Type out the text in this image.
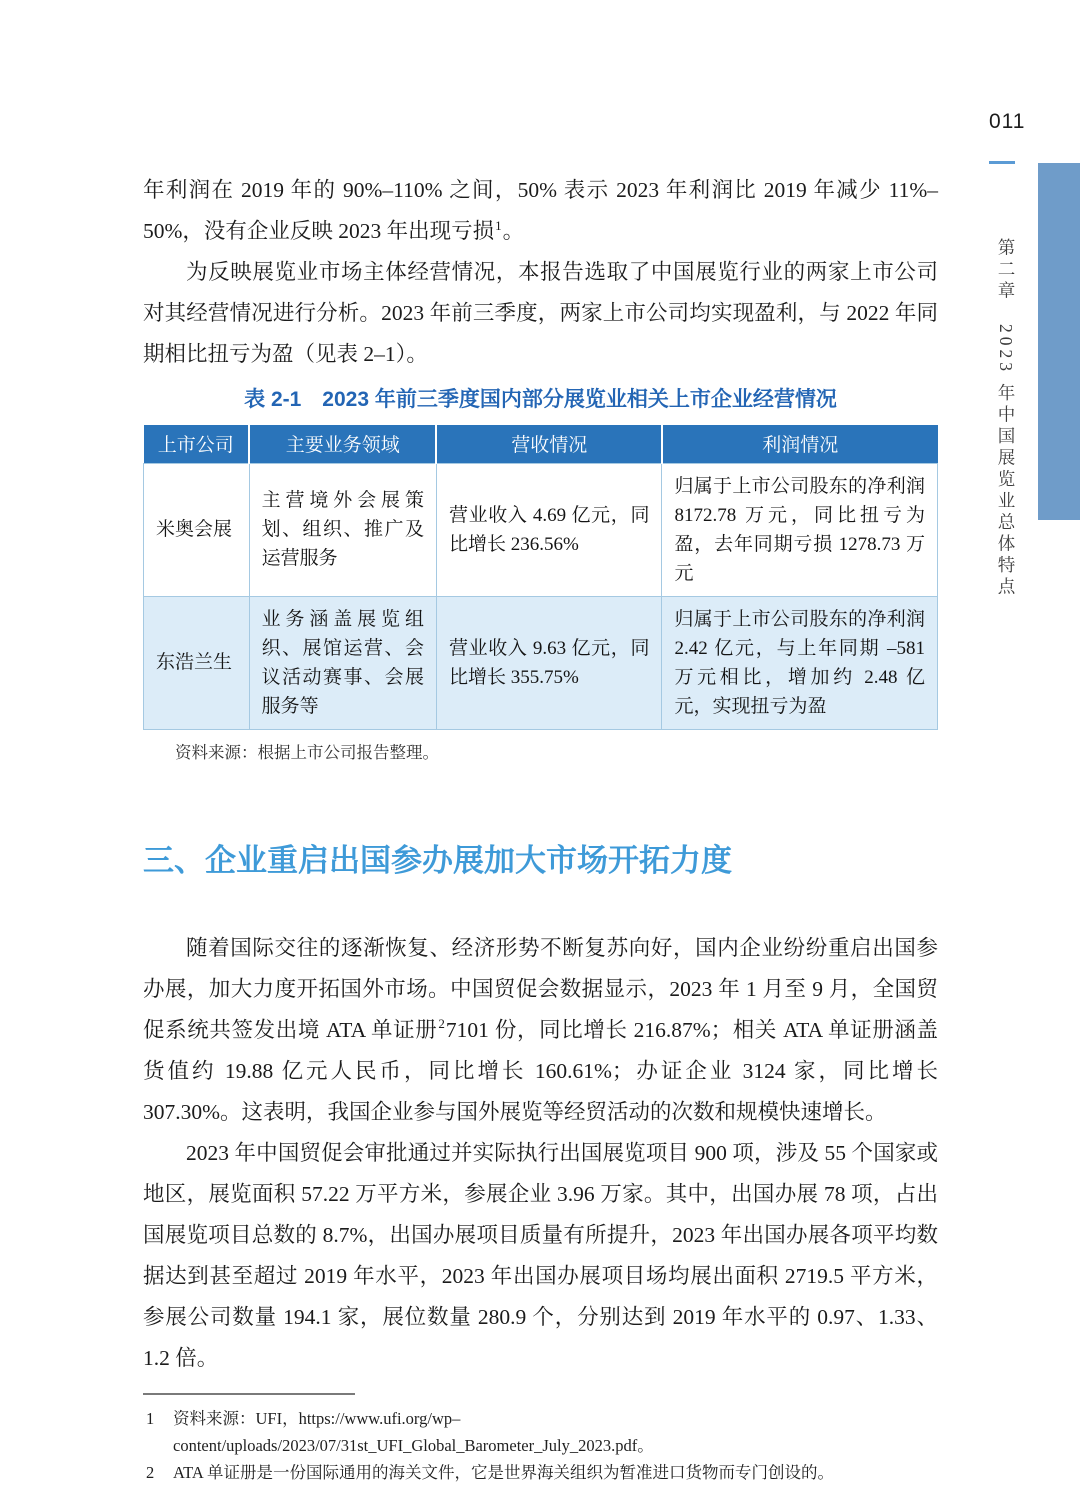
011
第二章　2023 年中国展览业总体特点

年利润在 2019 年的 90%–110% 之间，50% 表示 2023 年利润比 2019 年减少 11%–50%，没有企业反映 2023 年出现亏损$^1$。

为反映展览业市场主体经营情况，本报告选取了中国展览行业的两家上市公司对其经营情况进行分析。2023 年前三季度，两家上市公司均实现盈利，与 2022 年同期相比扭亏为盈（见表 2–1）。

表 2-1　2023 年前三季度国内部分展览业相关上市企业经营情况
上市公司	主要业务领域	营收情况	利润情况
米奥会展	主营境外会展策划、组织、推广及运营服务	营业收入 4.69 亿元，同比增长 236.56%	归属于上市公司股东的净利润 8172.78 万元，同比扭亏为盈，去年同期亏损 1278.73 万元
东浩兰生	业务涵盖展览组织、展馆运营、会议活动赛事、会展服务等	营业收入 9.63 亿元，同比增长 355.75%	归属于上市公司股东的净利润 2.42 亿元，与上年同期 –581 万元相比，增加约 2.48 亿元，实现扭亏为盈
资料来源：根据上市公司报告整理。
三、企业重启出国参办展加大市场开拓力度

随着国际交往的逐渐恢复、经济形势不断复苏向好，国内企业纷纷重启出国参办展，加大力度开拓国外市场。中国贸促会数据显示，2023 年 1 月至 9 月，全国贸促系统共签发出境 ATA 单证册$^2$7101 份，同比增长 216.87%；相关 ATA 单证册涵盖货值约 19.88 亿元人民币，同比增长 160.61%；办证企业 3124 家，同比增长 307.30%。这表明，我国企业参与国外展览等经贸活动的次数和规模快速增长。

2023 年中国贸促会审批通过并实际执行出国展览项目 900 项，涉及 55 个国家或地区，展览面积 57.22 万平方米，参展企业 3.96 万家。其中，出国办展 78 项，占出国展览项目总数的 8.7%，出国办展项目质量有所提升，2023 年出国办展各项平均数据达到甚至超过 2019 年水平，2023 年出国办展项目场均展出面积 2719.5 平方米，参展公司数量 194.1 家，展位数量 280.9 个，分别达到 2019 年水平的 0.97、1.33、1.2 倍。

1	资料来源：UFI，https://www.ufi.org/wp–content/uploads/2023/07/31st_UFI_Global_Barometer_July_2023.pdf。
2	ATA 单证册是一份国际通用的海关文件，它是世界海关组织为暂准进口货物而专门创设的。
